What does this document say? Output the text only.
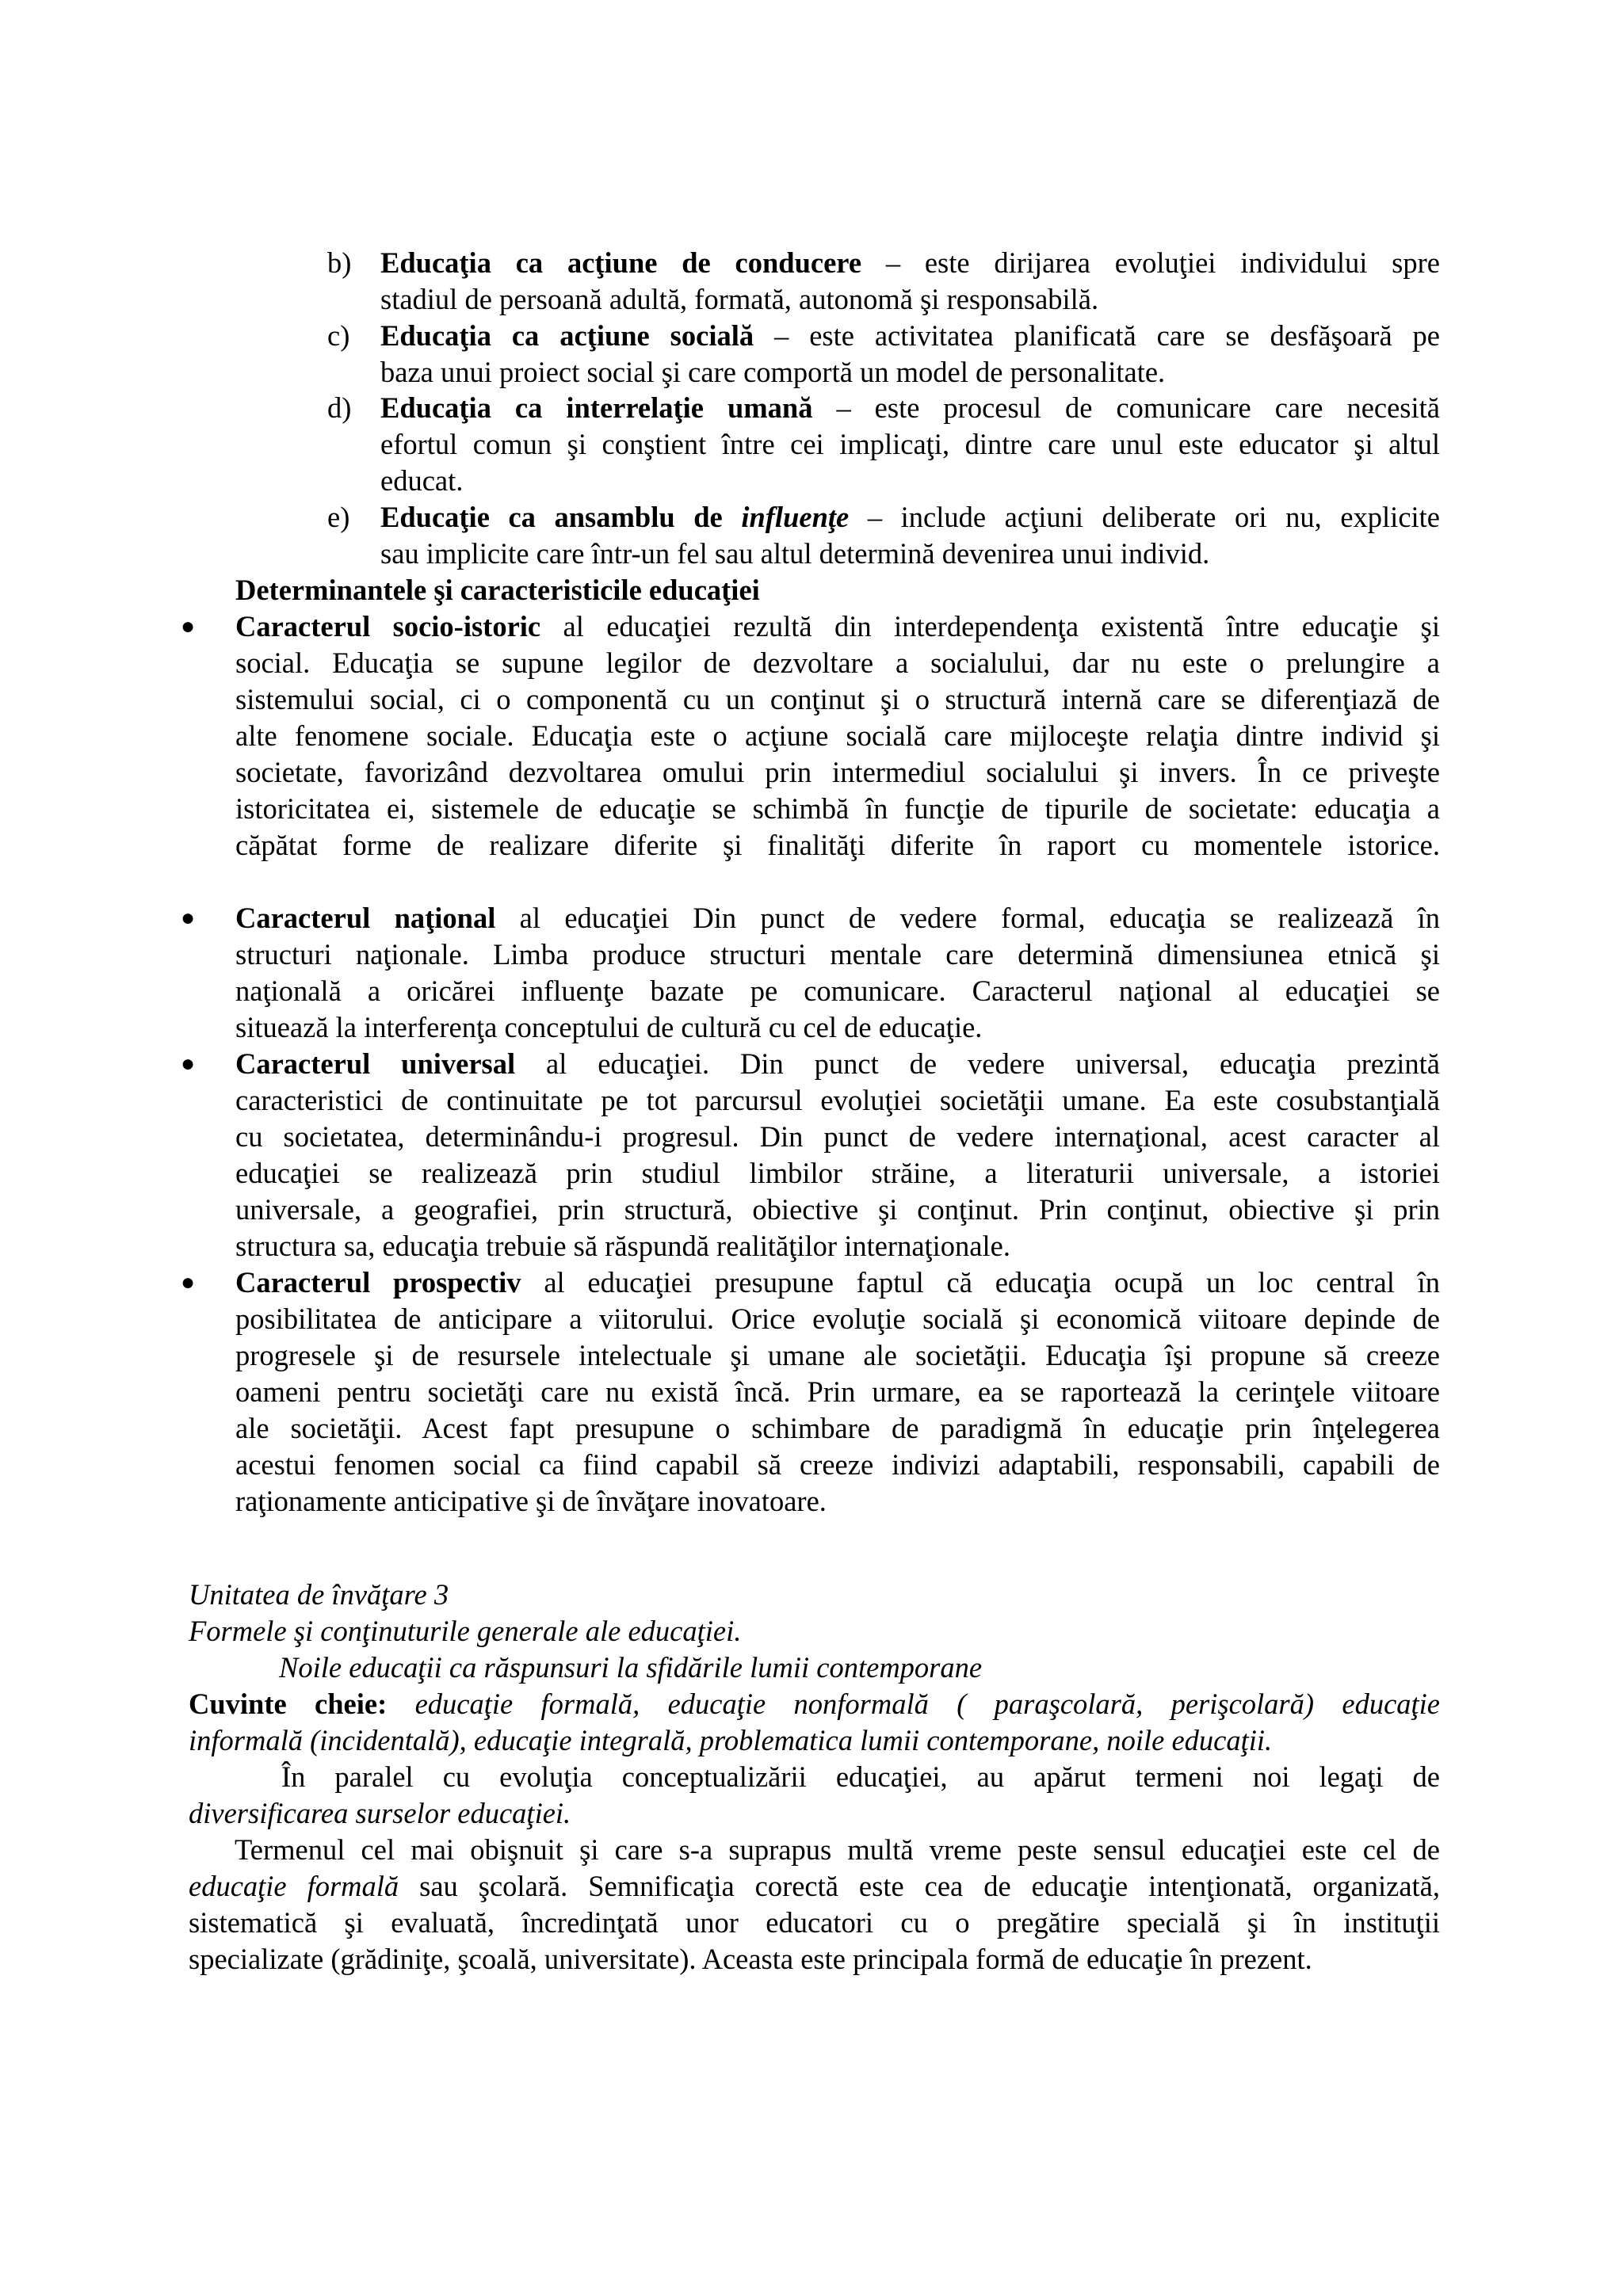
b) Educaţia ca acţiune de conducere – este dirijarea evoluţiei individului spre
stadiul de persoană adultă, formată, autonomă şi responsabilă.
c) Educaţia ca acţiune socială – este activitatea planificată care se desfăşoară pe
baza unui proiect social şi care comportă un model de personalitate.
d) Educaţia ca interrelaţie umană – este procesul de comunicare care necesită
efortul comun şi conştient între cei implicaţi, dintre care unul este educator şi altul
educat.
e) Educaţie ca ansamblu de influenţe – include acţiuni deliberate ori nu, explicite
sau implicite care într-un fel sau altul determină devenirea unui individ.
Determinantele şi caracteristicile educaţiei
● Caracterul socio-istoric al educaţiei rezultă din interdependenţa existentă între educaţie şi
social. Educaţia se supune legilor de dezvoltare a socialului, dar nu este o prelungire a
sistemului social, ci o componentă cu un conţinut şi o structură internă care se diferenţiază de
alte fenomene sociale. Educaţia este o acţiune socială care mijloceşte relaţia dintre individ şi
societate, favorizând dezvoltarea omului prin intermediul socialului şi invers. În ce priveşte
istoricitatea ei, sistemele de educaţie se schimbă în funcţie de tipurile de societate: educaţia a
căpătat forme de realizare diferite şi finalităţi diferite în raport cu momentele istorice.
● Caracterul naţional al educaţiei Din punct de vedere formal, educaţia se realizează în
structuri naţionale. Limba produce structuri mentale care determină dimensiunea etnică şi
naţională a oricărei influenţe bazate pe comunicare. Caracterul naţional al educaţiei se
situează la interferenţa conceptului de cultură cu cel de educaţie.
● Caracterul universal al educaţiei. Din punct de vedere universal, educaţia prezintă
caracteristici de continuitate pe tot parcursul evoluţiei societăţii umane. Ea este cosubstanţială
cu societatea, determinându-i progresul. Din punct de vedere internaţional, acest caracter al
educaţiei se realizează prin studiul limbilor străine, a literaturii universale, a istoriei
universale, a geografiei, prin structură, obiective şi conţinut. Prin conţinut, obiective şi prin
structura sa, educaţia trebuie să răspundă realităţilor internaţionale.
● Caracterul prospectiv al educaţiei presupune faptul că educaţia ocupă un loc central în
posibilitatea de anticipare a viitorului. Orice evoluţie socială şi economică viitoare depinde de
progresele şi de resursele intelectuale şi umane ale societăţii. Educaţia îşi propune să creeze
oameni pentru societăţi care nu există încă. Prin urmare, ea se raportează la cerinţele viitoare
ale societăţii. Acest fapt presupune o schimbare de paradigmă în educaţie prin înţelegerea
acestui fenomen social ca fiind capabil să creeze indivizi adaptabili, responsabili, capabili de
raţionamente anticipative şi de învăţare inovatoare.
Unitatea de învăţare 3
Formele şi conţinuturile generale ale educaţiei.
Noile educaţii ca răspunsuri la sfidările lumii contemporane
Cuvinte cheie: educaţie formală, educaţie nonformală ( paraşcolară, perişcolară) educaţie
informală (incidentală), educaţie integrală, problematica lumii contemporane, noile educaţii.
În paralel cu evoluţia conceptualizării educaţiei, au apărut termeni noi legaţi de
diversificarea surselor educaţiei.
Termenul cel mai obişnuit şi care s-a suprapus multă vreme peste sensul educaţiei este cel de
educaţie formală sau şcolară. Semnificaţia corectă este cea de educaţie intenţionată, organizată,
sistematică şi evaluată, încredinţată unor educatori cu o pregătire specială şi în instituţii
specializate (grădiniţe, şcoală, universitate). Aceasta este principala formă de educaţie în prezent.
